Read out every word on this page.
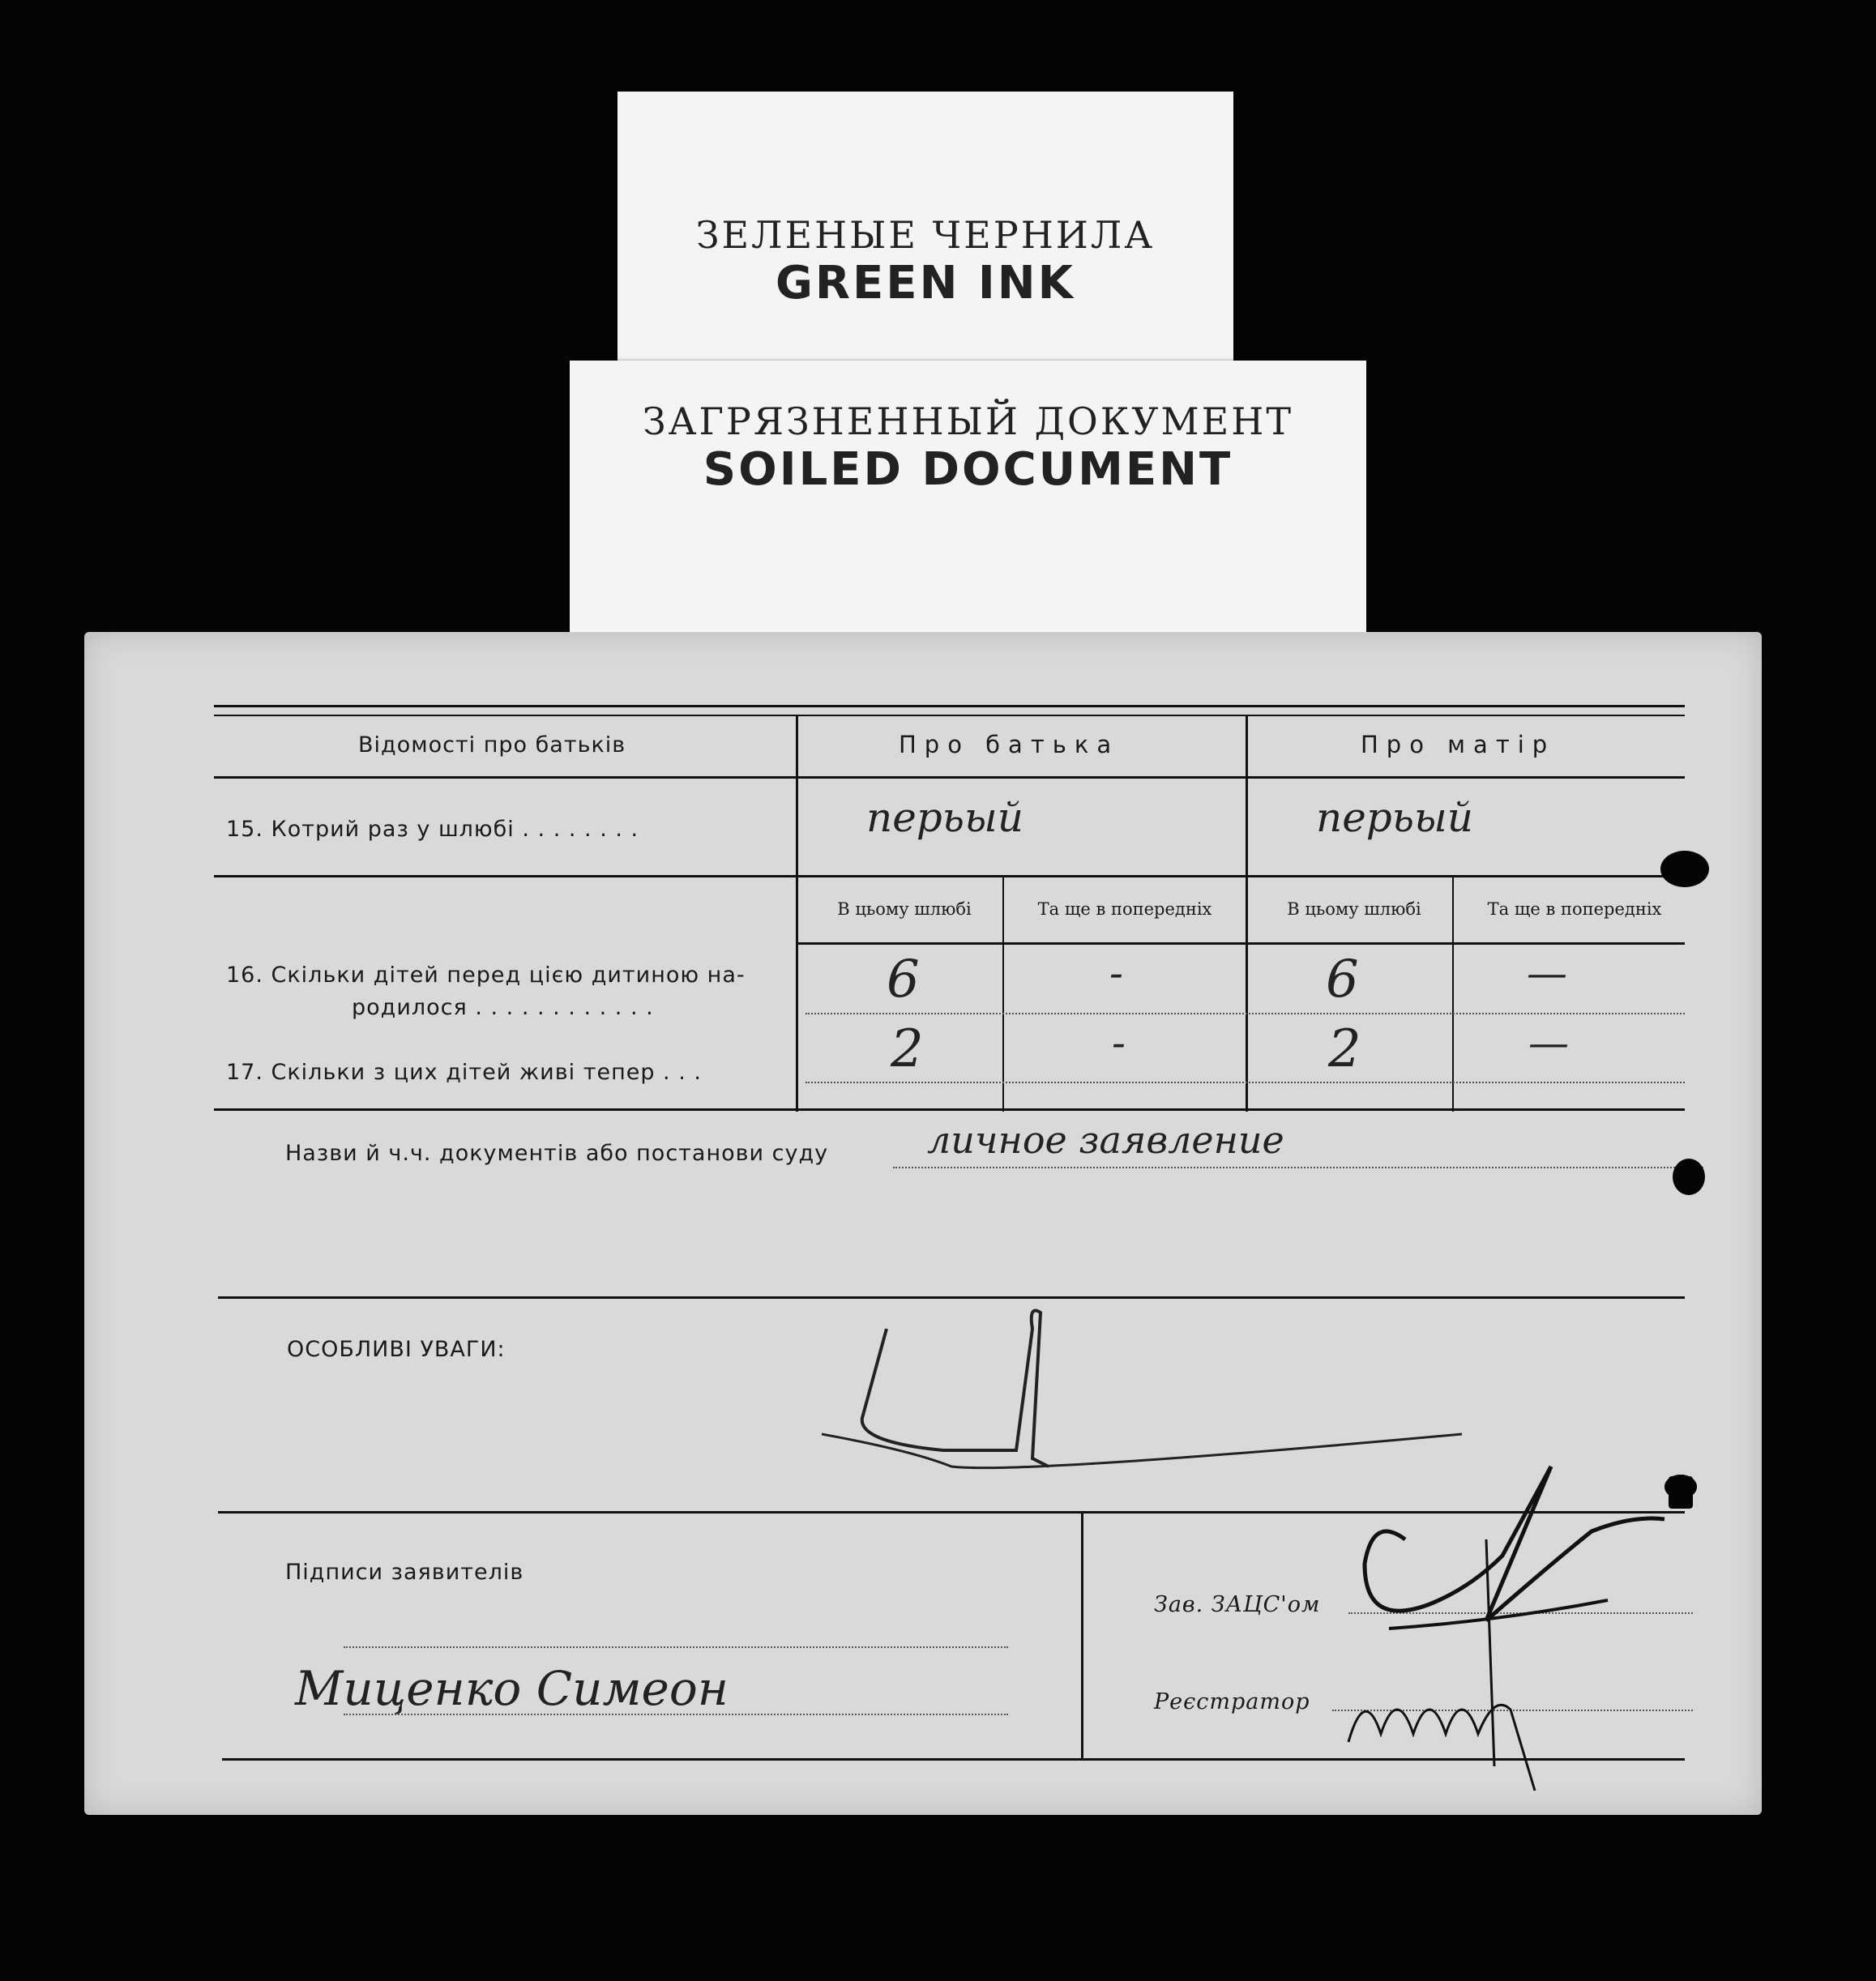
ЗЕЛЕНЫЕ ЧЕРНИЛА
GREEN INK
ЗАГРЯЗНЕННЫЙ ДОКУМЕНТ
SOILED DOCUMENT
Відомості про батьків	Про батька	Про матір
15. Котрий раз у шлюбі . . . . . . . .	перьый	перьый
В цьому шлюбі	Та ще в попередніх	В цьому шлюбі	Та ще в попередніх
16. Скільки дітей перед цією дитиною на-
родилося . . . . . . . . . . . .	6	-	6	—
17. Скільки з цих дітей живі тепер . . .	2	-	2	—
Назви й ч.ч. документів або постанови суду	личное заявление
ОСОБЛИВІ УВАГИ:
Підписи заявителів
Миценко Симеон
Зав. ЗАЦС'ом
Реєстратор
